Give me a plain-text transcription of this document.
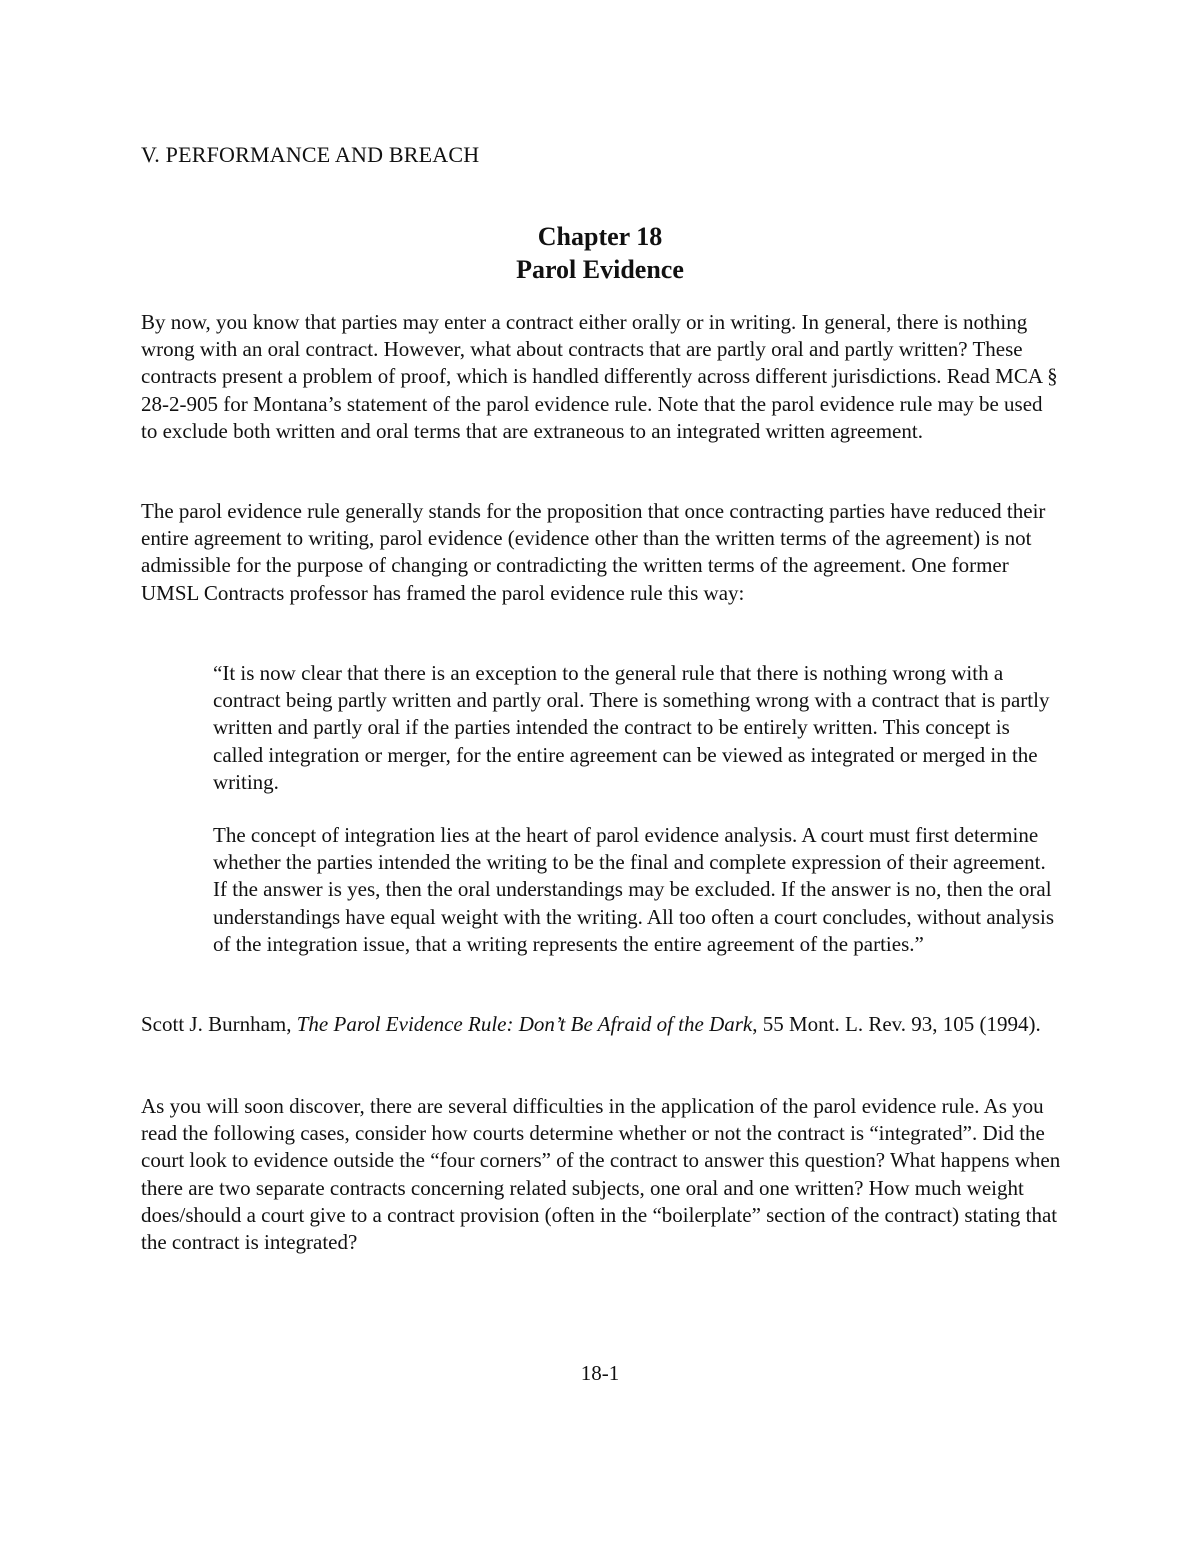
V. PERFORMANCE AND BREACH
Chapter 18
Parol Evidence

By now, you know that parties may enter a contract either orally or in writing. In general, there is nothing wrong with an oral contract. However, what about contracts that are partly oral and partly written? These contracts present a problem of proof, which is handled differently across different jurisdictions. Read MCA § 28-2-905 for Montana’s statement of the parol evidence rule. Note that the parol evidence rule may be used to exclude both written and oral terms that are extraneous to an integrated written agreement.

The parol evidence rule generally stands for the proposition that once contracting parties have reduced their entire agreement to writing, parol evidence (evidence other than the written terms of the agreement) is not admissible for the purpose of changing or contradicting the written terms of the agreement. One former UMSL Contracts professor has framed the parol evidence rule this way:

“It is now clear that there is an exception to the general rule that there is nothing wrong with a contract being partly written and partly oral. There is something wrong with a contract that is partly written and partly oral if the parties intended the contract to be entirely written. This concept is called integration or merger, for the entire agreement can be viewed as integrated or merged in the writing.

The concept of integration lies at the heart of parol evidence analysis. A court must first determine whether the parties intended the writing to be the final and complete expression of their agreement. If the answer is yes, then the oral understandings may be excluded. If the answer is no, then the oral understandings have equal weight with the writing. All too often a court concludes, without analysis of the integration issue, that a writing represents the entire agreement of the parties.”

Scott J. Burnham, The Parol Evidence Rule: Don’t Be Afraid of the Dark, 55 Mont. L. Rev. 93, 105 (1994).

As you will soon discover, there are several difficulties in the application of the parol evidence rule. As you read the following cases, consider how courts determine whether or not the contract is “integrated”. Did the court look to evidence outside the “four corners” of the contract to answer this question? What happens when there are two separate contracts concerning related subjects, one oral and one written? How much weight does/should a court give to a contract provision (often in the “boilerplate” section of the contract) stating that the contract is integrated?

18-1
